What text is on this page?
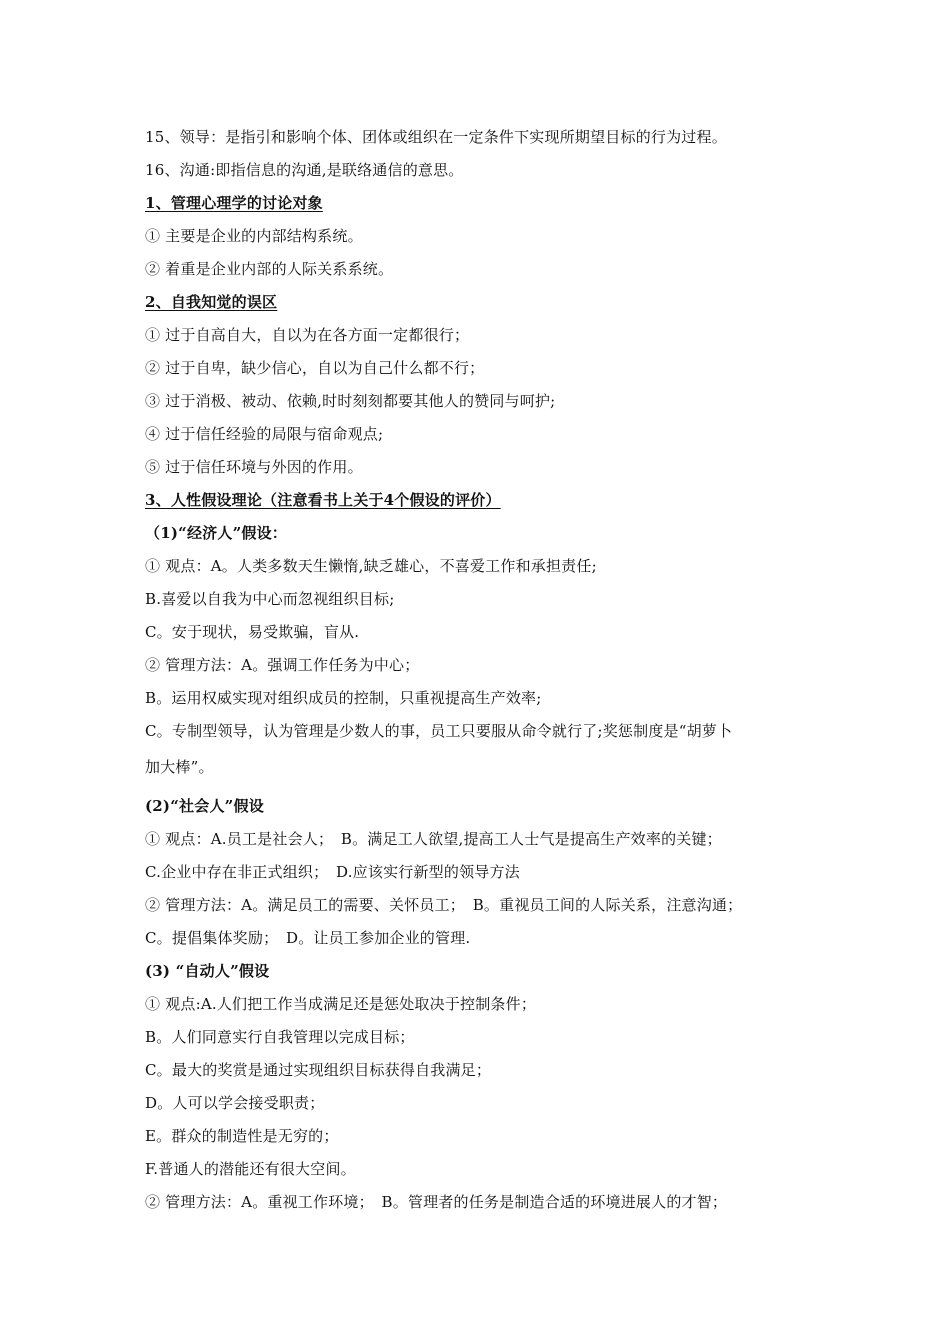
15、领导：是指引和影响个体、团体或组织在一定条件下实现所期望目标的行为过程。
16、沟通:即指信息的沟通,是联络通信的意思。
1、管理心理学的讨论对象
① 主要是企业的内部结构系统。
② 着重是企业内部的人际关系系统。
2、自我知觉的误区
① 过于自高自大，自以为在各方面一定都很行；
② 过于自卑，缺少信心，自以为自己什么都不行；
③ 过于消极、被动、依赖,时时刻刻都要其他人的赞同与呵护;
④ 过于信任经验的局限与宿命观点;
⑤ 过于信任环境与外因的作用。
3、人性假设理论（注意看书上关于4个假设的评价）
（1)“经济人”假设：
① 观点：A。人类多数天生懒惰,缺乏雄心，不喜爱工作和承担责任;
B.喜爱以自我为中心而忽视组织目标;
C。安于现状，易受欺骗，盲从.
② 管理方法：A。强调工作任务为中心；
B。运用权威实现对组织成员的控制，只重视提高生产效率;
C。专制型领导，认为管理是少数人的事，员工只要服从命令就行了;奖惩制度是“胡萝卜
加大棒”。
(2)“社会人”假设
① 观点：A.员工是社会人；　B。满足工人欲望,提高工人士气是提高生产效率的关键；
C.企业中存在非正式组织；　D.应该实行新型的领导方法
② 管理方法：A。满足员工的需要、关怀员工；　B。重视员工间的人际关系，注意沟通；
C。提倡集体奖励；　D。让员工参加企业的管理.
(3) “自动人”假设
① 观点:A.人们把工作当成满足还是惩处取决于控制条件；
B。人们同意实行自我管理以完成目标；
C。最大的奖赏是通过实现组织目标获得自我满足；
D。人可以学会接受职责；
E。群众的制造性是无穷的；
F.普通人的潜能还有很大空间。
② 管理方法：A。重视工作环境；　B。管理者的任务是制造合适的环境进展人的才智；
